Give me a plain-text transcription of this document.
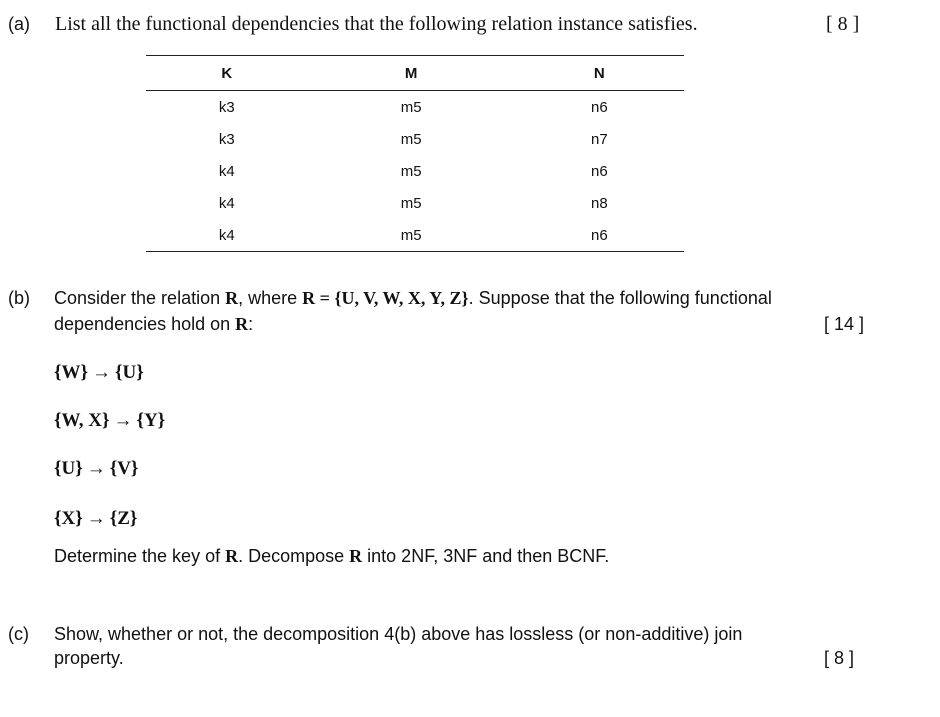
(a) List all the functional dependencies that the following relation instance satisfies.	[ 8 ]
K	M	N
k3	m5	n6
k3	m5	n7
k4	m5	n6
k4	m5	n8
k4	m5	n6
(b) Consider the relation R, where R = {U, V, W, X, Y, Z}. Suppose that the following functional
dependencies hold on R:	[ 14 ]
{W} → {U}
{W, X} → {Y}
{U} → {V}
{X} → {Z}
Determine the key of R. Decompose R into 2NF, 3NF and then BCNF.
(c) Show, whether or not, the decomposition 4(b) above has lossless (or non-additive) join
property.	[ 8 ]
